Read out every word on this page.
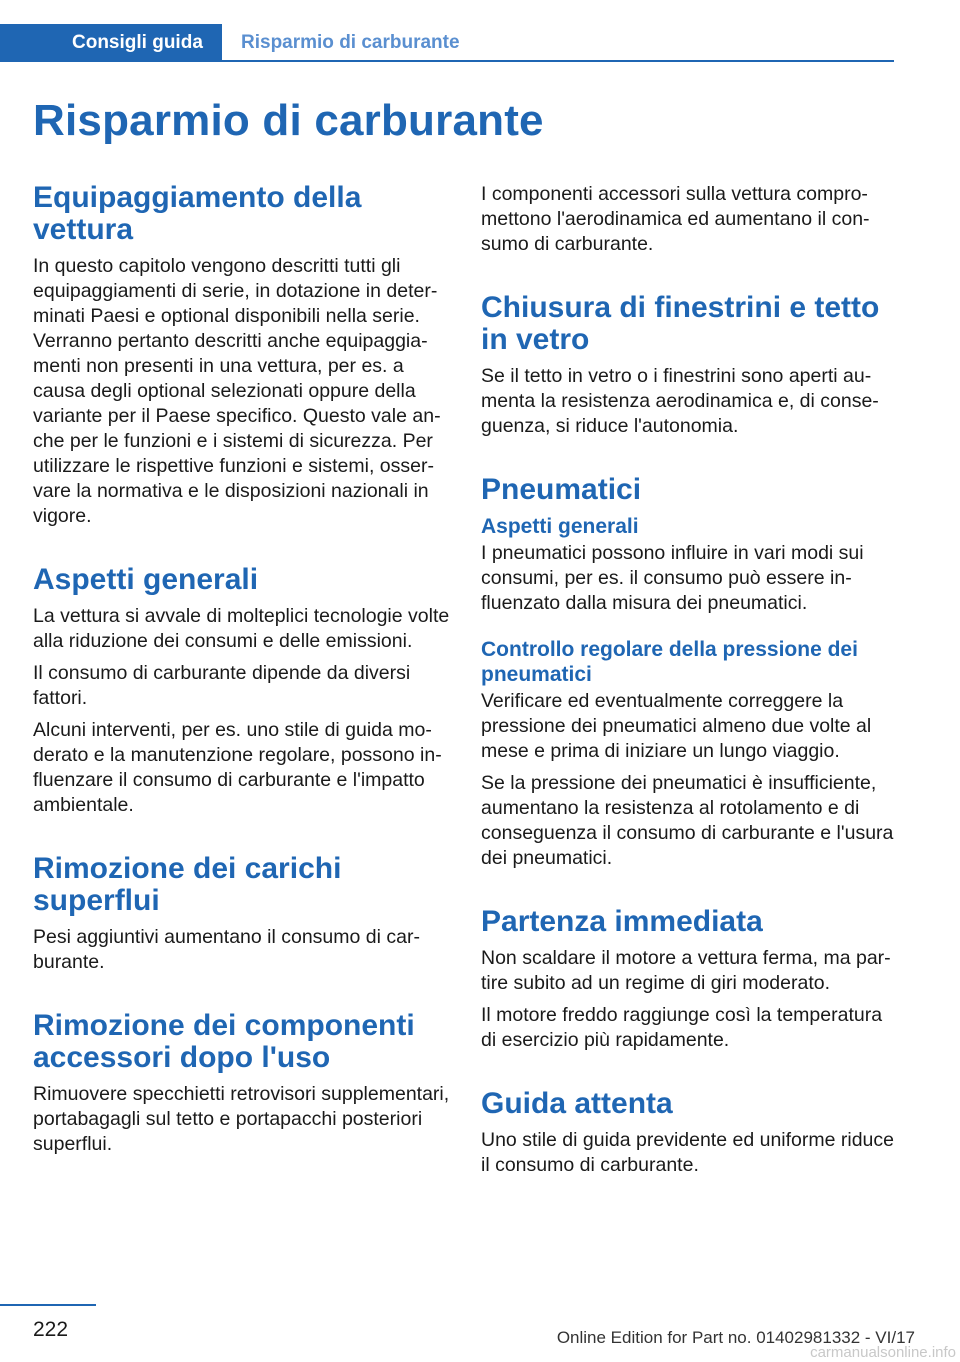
Consigli guida	Risparmio di carburante
Risparmio di carburante
Equipaggiamento della vettura

In questo capitolo vengono descritti tutti gli equipaggiamenti di serie, in dotazione in determinati Paesi e optional disponibili nella serie. Verranno pertanto descritti anche equipaggiamenti non presenti in una vettura, per es. a causa degli optional selezionati oppure della variante per il Paese specifico. Questo vale anche per le funzioni e i sistemi di sicurezza. Per utilizzare le rispettive funzioni e sistemi, osservare la normativa e le disposizioni nazionali in vigore.

Aspetti generali

La vettura si avvale di molteplici tecnologie volte alla riduzione dei consumi e delle emissioni.

Il consumo di carburante dipende da diversi fattori.

Alcuni interventi, per es. uno stile di guida moderato e la manutenzione regolare, possono influenzare il consumo di carburante e l'impatto ambientale.

Rimozione dei carichi superflui

Pesi aggiuntivi aumentano il consumo di carburante.

Rimozione dei componenti accessori dopo l'uso

Rimuovere specchietti retrovisori supplementari, portabagagli sul tetto e portapacchi posteriori superflui.

I componenti accessori sulla vettura compromettono l'aerodinamica ed aumentano il consumo di carburante.

Chiusura di finestrini e tetto in vetro

Se il tetto in vetro o i finestrini sono aperti aumenta la resistenza aerodinamica e, di conseguenza, si riduce l'autonomia.

Pneumatici
Aspetti generali

I pneumatici possono influire in vari modi sui consumi, per es. il consumo può essere influenzato dalla misura dei pneumatici.

Controllo regolare della pressione dei pneumatici

Verificare ed eventualmente correggere la pressione dei pneumatici almeno due volte al mese e prima di iniziare un lungo viaggio.

Se la pressione dei pneumatici è insufficiente, aumentano la resistenza al rotolamento e di conseguenza il consumo di carburante e l'usura dei pneumatici.

Partenza immediata

Non scaldare il motore a vettura ferma, ma partire subito ad un regime di giri moderato.

Il motore freddo raggiunge così la temperatura di esercizio più rapidamente.

Guida attenta

Uno stile di guida previdente ed uniforme riduce il consumo di carburante.

222	Online Edition for Part no. 01402981332 - VI/17
carmanualsonline.info
